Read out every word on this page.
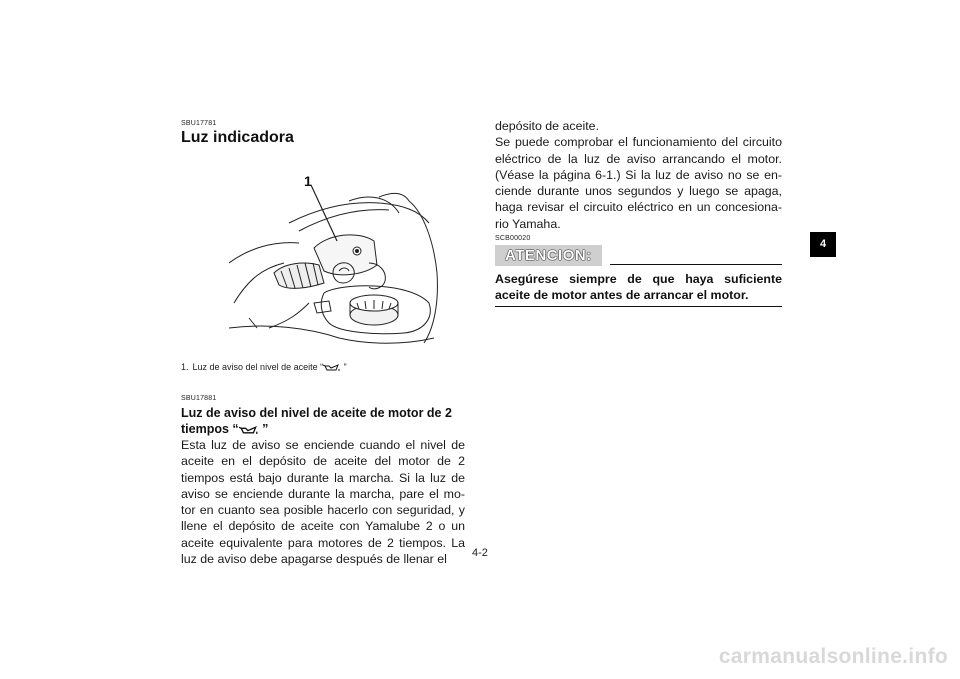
SBU17781

Luz indicadora

1

1. Luz de aviso del nivel de aceite “ ”

SBU17881

Luz de aviso del nivel de aceite de motor de 2
tiempos “ ”

Esta luz de aviso se enciende cuando el nivel de aceite en el depósito de aceite del motor de 2 tiempos está bajo durante la marcha. Si la luz de aviso se enciende durante la marcha, pare el mo-tor en cuanto sea posible hacerlo con seguridad, y llene el depósito de aceite con Yamalube 2 o un aceite equivalente para motores de 2 tiempos. La luz de aviso debe apagarse después de llenar el

depósito de aceite.

Se puede comprobar el funcionamiento del circuito eléctrico de la luz de aviso arrancando el motor. (Véase la página 6-1.) Si la luz de aviso no se en-ciende durante unos segundos y luego se apaga, haga revisar el circuito eléctrico en un concesiona-rio Yamaha.

SCB00020

ATENCION:

Asegúrese siempre de que haya suficiente aceite de motor antes de arrancar el motor.

4
4-2
carmanualsonline.info
